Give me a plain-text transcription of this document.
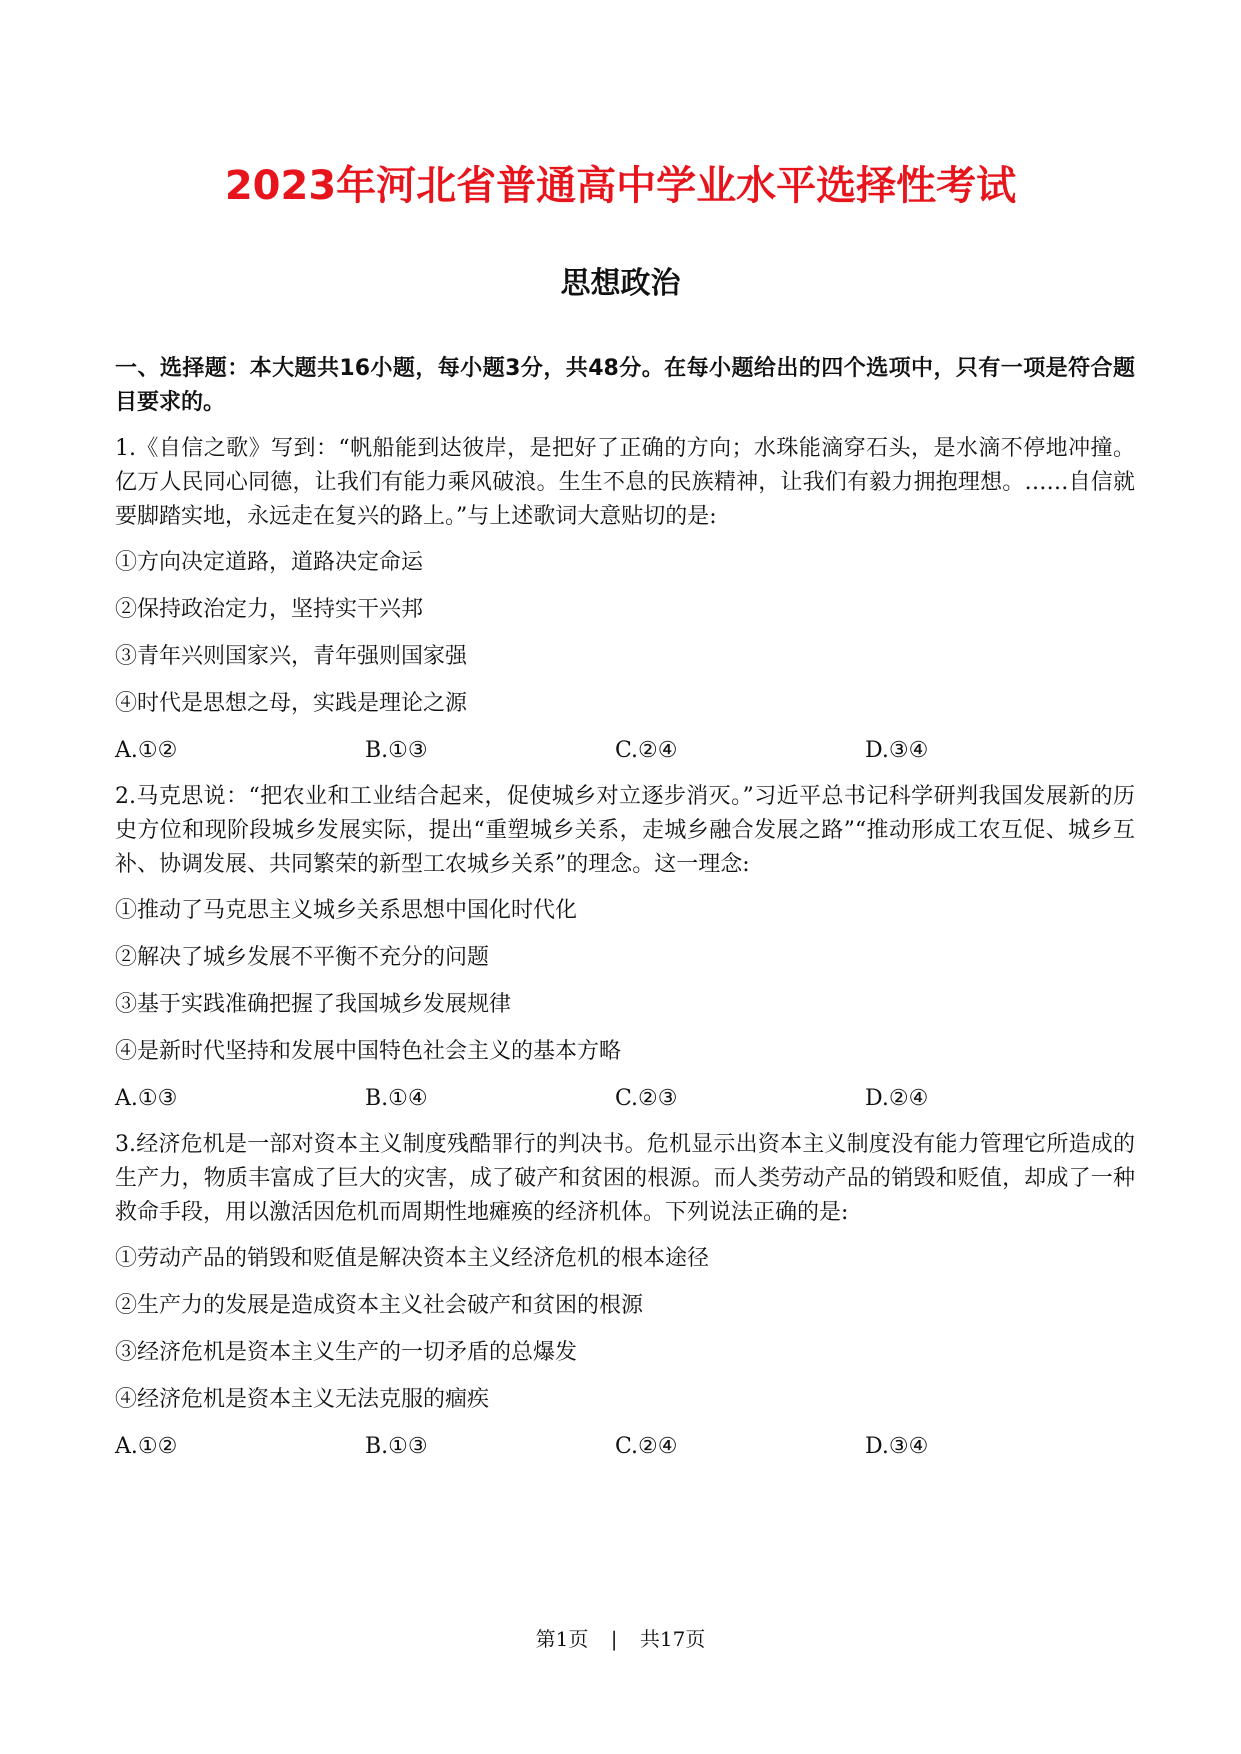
2023年河北省普通高中学业水平选择性考试
思想政治

一、选择题：本大题共16小题，每小题3分，共48分。在每小题给出的四个选项中，只有一项是符合题目要求的。

1.《自信之歌》写到：“帆船能到达彼岸，是把好了正确的方向；水珠能滴穿石头，是水滴不停地冲撞。亿万人民同心同德，让我们有能力乘风破浪。生生不息的民族精神，让我们有毅力拥抱理想。……自信就要脚踏实地，永远走在复兴的路上。”与上述歌词大意贴切的是:

①方向决定道路，道路决定命运

②保持政治定力，坚持实干兴邦

③青年兴则国家兴，青年强则国家强

④时代是思想之母，实践是理论之源

A.①②	B.①③	C.②④	D.③④

2.马克思说：“把农业和工业结合起来，促使城乡对立逐步消灭。”习近平总书记科学研判我国发展新的历史方位和现阶段城乡发展实际，提出“重塑城乡关系，走城乡融合发展之路”“推动形成工农互促、城乡互补、协调发展、共同繁荣的新型工农城乡关系”的理念。这一理念:

①推动了马克思主义城乡关系思想中国化时代化

②解决了城乡发展不平衡不充分的问题

③基于实践准确把握了我国城乡发展规律

④是新时代坚持和发展中国特色社会主义的基本方略

A.①③	B.①④	C.②③	D.②④

3.经济危机是一部对资本主义制度残酷罪行的判决书。危机显示出资本主义制度没有能力管理它所造成的生产力，物质丰富成了巨大的灾害，成了破产和贫困的根源。而人类劳动产品的销毁和贬值，却成了一种救命手段，用以激活因危机而周期性地瘫痪的经济机体。下列说法正确的是:

①劳动产品的销毁和贬值是解决资本主义经济危机的根本途径

②生产力的发展是造成资本主义社会破产和贫困的根源

③经济危机是资本主义生产的一切矛盾的总爆发

④经济危机是资本主义无法克服的痼疾

A.①②	B.①③	C.②④	D.③④
第1页 | 共17页
